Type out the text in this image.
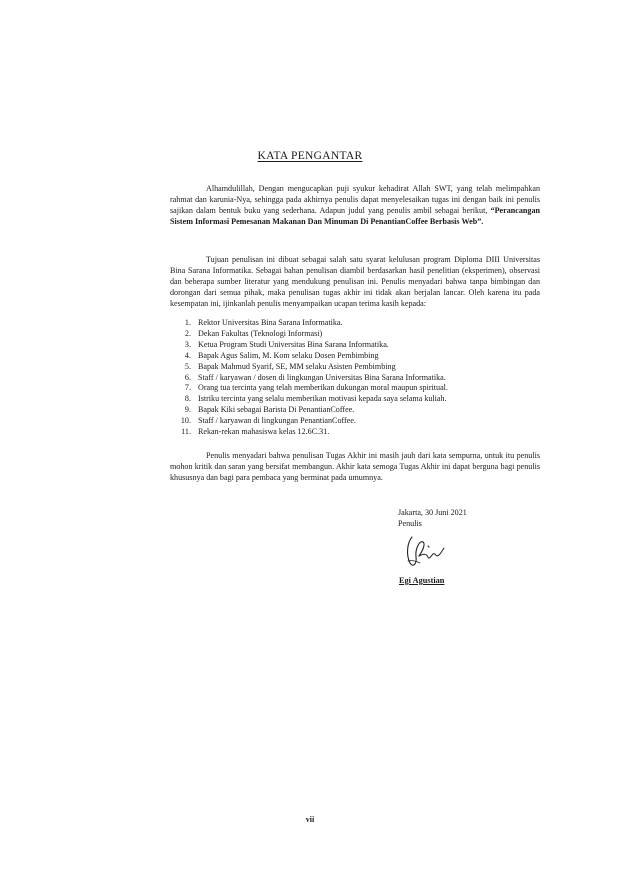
KATA PENGANTAR

Alhamdulillah, Dengan mengucapkan puji syukur kehadirat Allah SWT, yang telah melimpahkan rahmat dan karunia-Nya, sehingga pada akhirnya penulis dapat menyelesaikan tugas ini dengan baik ini penulis sajikan dalam bentuk buku yang sederhana. Adapun judul yang penulis ambil sebagai berikut, “Perancangan Sistem Informasi Pemesanan Makanan Dan Minuman Di PenantianCoffee Berbasis Web”.

Tujuan penulisan ini dibuat sebagai salah satu syarat kelulusan program Diploma DIII Universitas Bina Sarana Informatika. Sebagai bahan penulisan diambil berdasarkan hasil penelitian (eksperimen), observasi dan beberapa sumber literatur yang mendukung penulisan ini. Penulis menyadari bahwa tanpa bimbingan dan dorongan dari semua pihak, maka penulisan tugas akhir ini tidak akan berjalan lancar. Oleh karena itu pada kesempatan ini, ijinkanlah penulis menyampaikan ucapan terima kasih kepada:

1. Rektor Universitas Bina Sarana Informatika.
2. Dekan Fakultas (Teknologi Informasi)
3. Ketua Program Studi Universitas Bina Sarana Informatika.
4. Bapak Agus Salim, M. Kom selaku Dosen Pembimbing
5. Bapak Mahmud Syarif, SE, MM selaku Asisten Pembimbing
6. Staff / karyawan / dosen di lingkungan Universitas Bina Sarana Informatika.
7. Orang tua tercinta yang telah memberikan dukungan moral maupun spiritual.
8. Istriku tercinta yang selalu memberikan motivasi kepada saya selama kuliah.
9. Bapak Kiki sebagai Barista Di PenantianCoffee.
10. Staff / karyawan di lingkungan PenantianCoffee.
11. Rekan-rekan mahasiswa kelas 12.6C.31.

Penulis menyadari bahwa penulisan Tugas Akhir ini masih jauh dari kata sempurna, untuk itu penulis mohon kritik dan saran yang bersifat membangun. Akhir kata semoga Tugas Akhir ini dapat berguna bagi penulis khususnya dan bagi para pembaca yang berminat pada umumnya.

Jakarta, 30 Juni 2021
Penulis
Egi Agustian
vii
